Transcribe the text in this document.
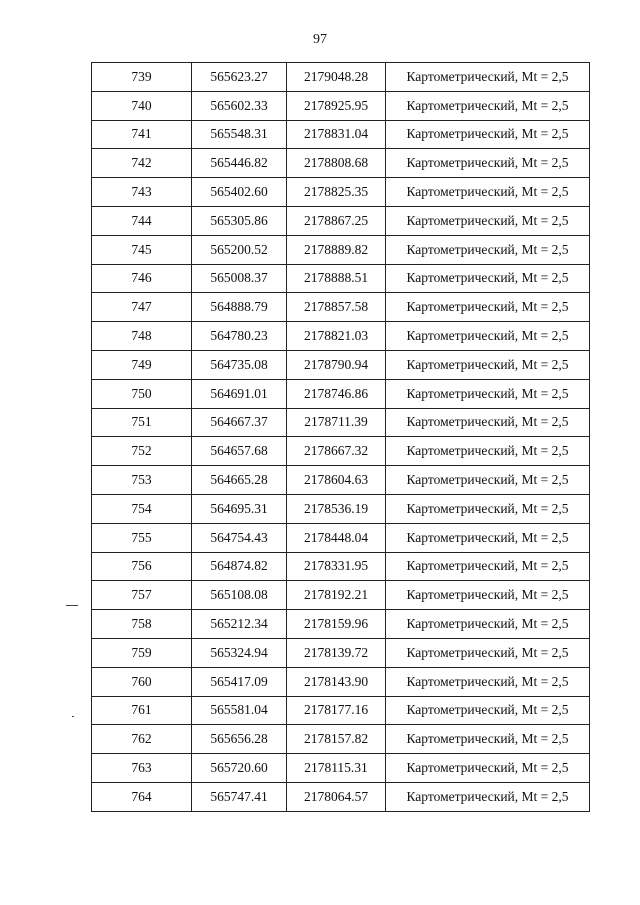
97
739	565623.27	2179048.28	Картометрический, Mt = 2,5
740	565602.33	2178925.95	Картометрический, Mt = 2,5
741	565548.31	2178831.04	Картометрический, Mt = 2,5
742	565446.82	2178808.68	Картометрический, Mt = 2,5
743	565402.60	2178825.35	Картометрический, Mt = 2,5
744	565305.86	2178867.25	Картометрический, Mt = 2,5
745	565200.52	2178889.82	Картометрический, Mt = 2,5
746	565008.37	2178888.51	Картометрический, Mt = 2,5
747	564888.79	2178857.58	Картометрический, Mt = 2,5
748	564780.23	2178821.03	Картометрический, Mt = 2,5
749	564735.08	2178790.94	Картометрический, Mt = 2,5
750	564691.01	2178746.86	Картометрический, Mt = 2,5
751	564667.37	2178711.39	Картометрический, Mt = 2,5
752	564657.68	2178667.32	Картометрический, Mt = 2,5
753	564665.28	2178604.63	Картометрический, Mt = 2,5
754	564695.31	2178536.19	Картометрический, Mt = 2,5
755	564754.43	2178448.04	Картометрический, Mt = 2,5
756	564874.82	2178331.95	Картометрический, Mt = 2,5
757	565108.08	2178192.21	Картометрический, Mt = 2,5
758	565212.34	2178159.96	Картометрический, Mt = 2,5
759	565324.94	2178139.72	Картометрический, Mt = 2,5
760	565417.09	2178143.90	Картометрический, Mt = 2,5
761	565581.04	2178177.16	Картометрический, Mt = 2,5
762	565656.28	2178157.82	Картометрический, Mt = 2,5
763	565720.60	2178115.31	Картометрический, Mt = 2,5
764	565747.41	2178064.57	Картометрический, Mt = 2,5
